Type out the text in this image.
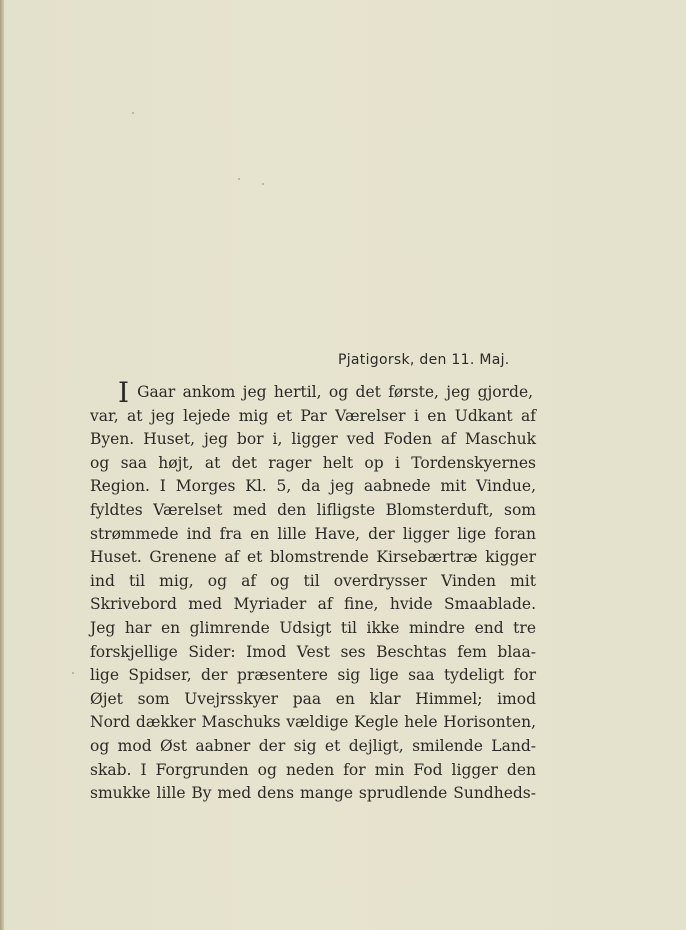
Pjatigorsk, den 11. Maj.
I Gaar ankom jeg hertil, og det første, jeg gjorde,
var, at jeg lejede mig et Par Værelser i en Udkant af
Byen. Huset, jeg bor i, ligger ved Foden af Maschuk
og saa højt, at det rager helt op i Tordenskyernes
Region. I Morges Kl. 5, da jeg aabnede mit Vindue,
fyldtes Værelset med den lifligste Blomsterduft, som
strømmede ind fra en lille Have, der ligger lige foran
Huset. Grenene af et blomstrende Kirsebærtræ kigger
ind til mig, og af og til overdrysser Vinden mit
Skrivebord med Myriader af fine, hvide Smaablade.
Jeg har en glimrende Udsigt til ikke mindre end tre
forskjellige Sider: Imod Vest ses Beschtas fem blaa-
lige Spidser, der præsentere sig lige saa tydeligt for
Øjet som Uvejrsskyer paa en klar Himmel; imod
Nord dækker Maschuks vældige Kegle hele Horisonten,
og mod Øst aabner der sig et dejligt, smilende Land-
skab. I Forgrunden og neden for min Fod ligger den
smukke lille By med dens mange sprudlende Sundheds-
